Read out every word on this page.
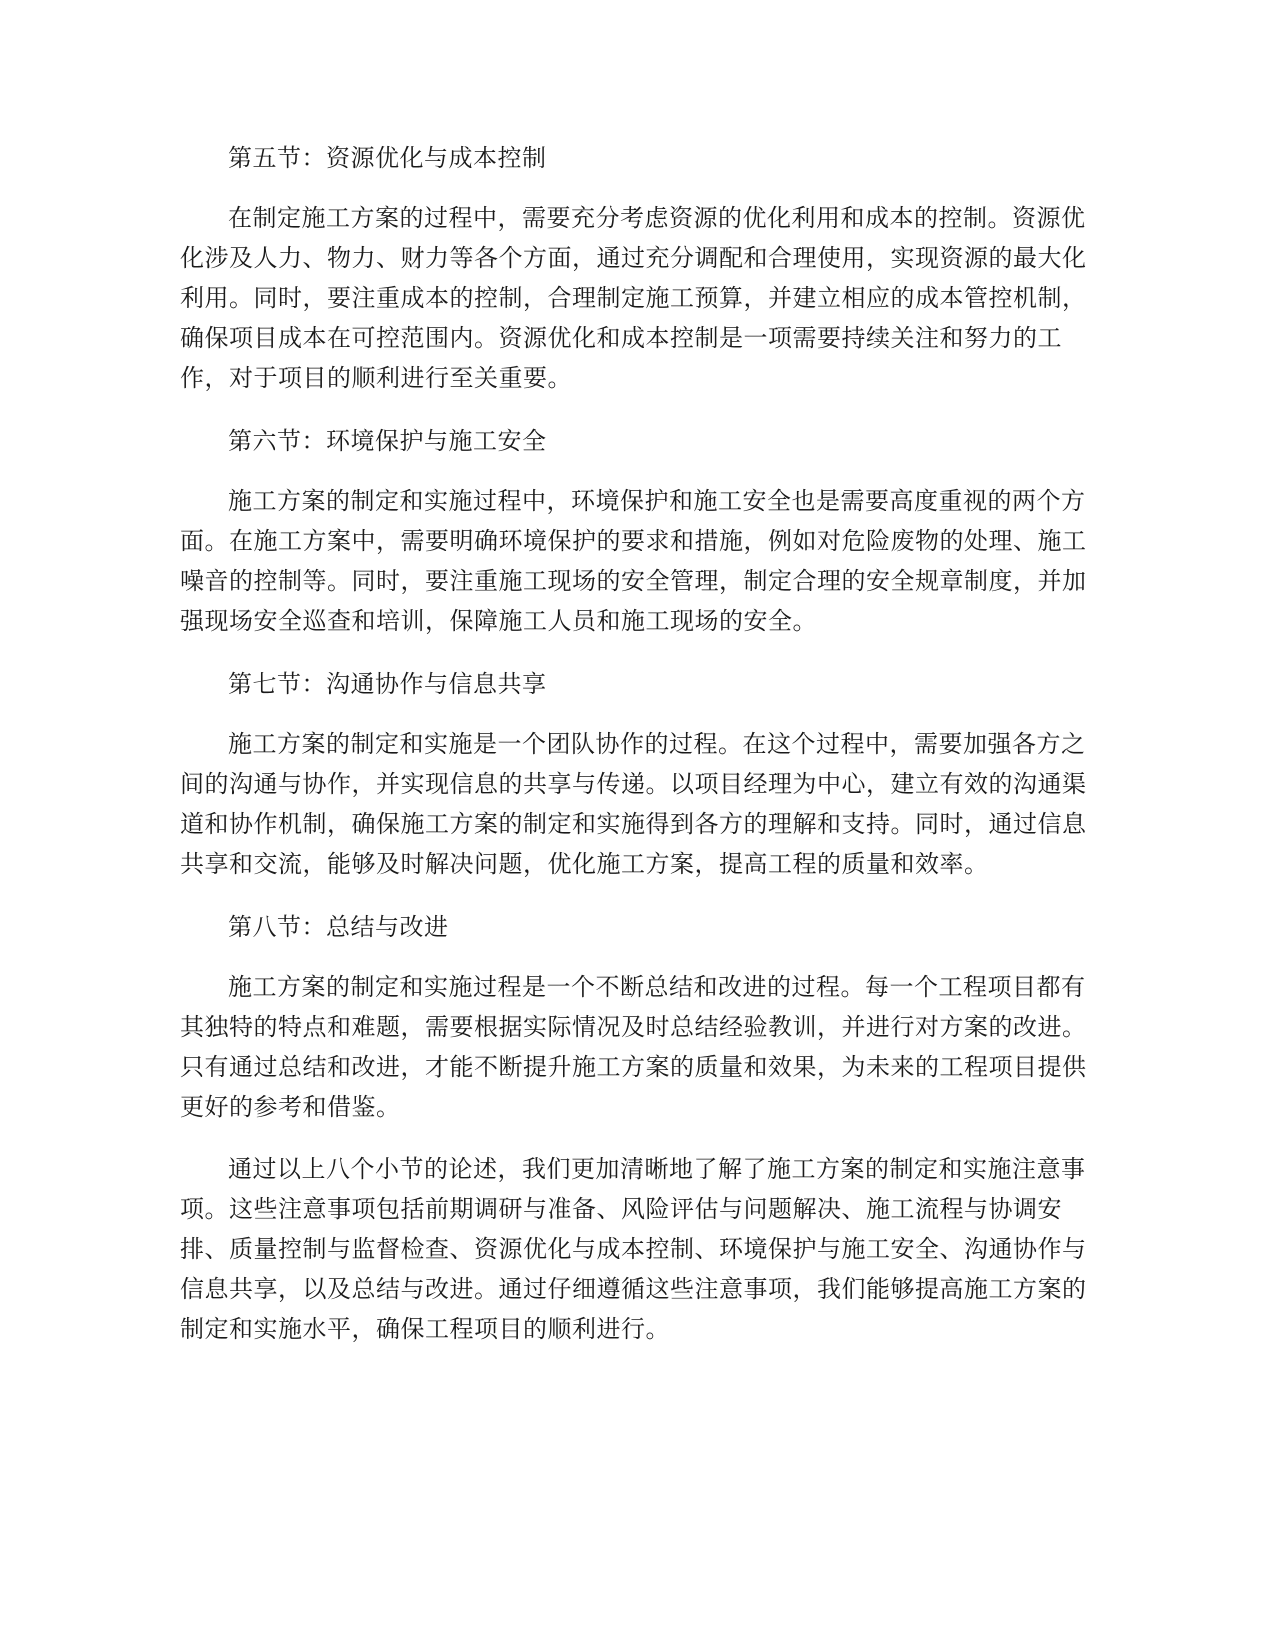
第五节：资源优化与成本控制

在制定施工方案的过程中，需要充分考虑资源的优化利用和成本的控制。资源优化涉及人力、物力、财力等各个方面，通过充分调配和合理使用，实现资源的最大化利用。同时，要注重成本的控制，合理制定施工预算，并建立相应的成本管控机制，确保项目成本在可控范围内。资源优化和成本控制是一项需要持续关注和努力的工作，对于项目的顺利进行至关重要。

第六节：环境保护与施工安全

施工方案的制定和实施过程中，环境保护和施工安全也是需要高度重视的两个方面。在施工方案中，需要明确环境保护的要求和措施，例如对危险废物的处理、施工噪音的控制等。同时，要注重施工现场的安全管理，制定合理的安全规章制度，并加强现场安全巡查和培训，保障施工人员和施工现场的安全。

第七节：沟通协作与信息共享

施工方案的制定和实施是一个团队协作的过程。在这个过程中，需要加强各方之间的沟通与协作，并实现信息的共享与传递。以项目经理为中心，建立有效的沟通渠道和协作机制，确保施工方案的制定和实施得到各方的理解和支持。同时，通过信息共享和交流，能够及时解决问题，优化施工方案，提高工程的质量和效率。

第八节：总结与改进

施工方案的制定和实施过程是一个不断总结和改进的过程。每一个工程项目都有其独特的特点和难题，需要根据实际情况及时总结经验教训，并进行对方案的改进。只有通过总结和改进，才能不断提升施工方案的质量和效果，为未来的工程项目提供更好的参考和借鉴。

通过以上八个小节的论述，我们更加清晰地了解了施工方案的制定和实施注意事项。这些注意事项包括前期调研与准备、风险评估与问题解决、施工流程与协调安排、质量控制与监督检查、资源优化与成本控制、环境保护与施工安全、沟通协作与信息共享，以及总结与改进。通过仔细遵循这些注意事项，我们能够提高施工方案的制定和实施水平，确保工程项目的顺利进行。
